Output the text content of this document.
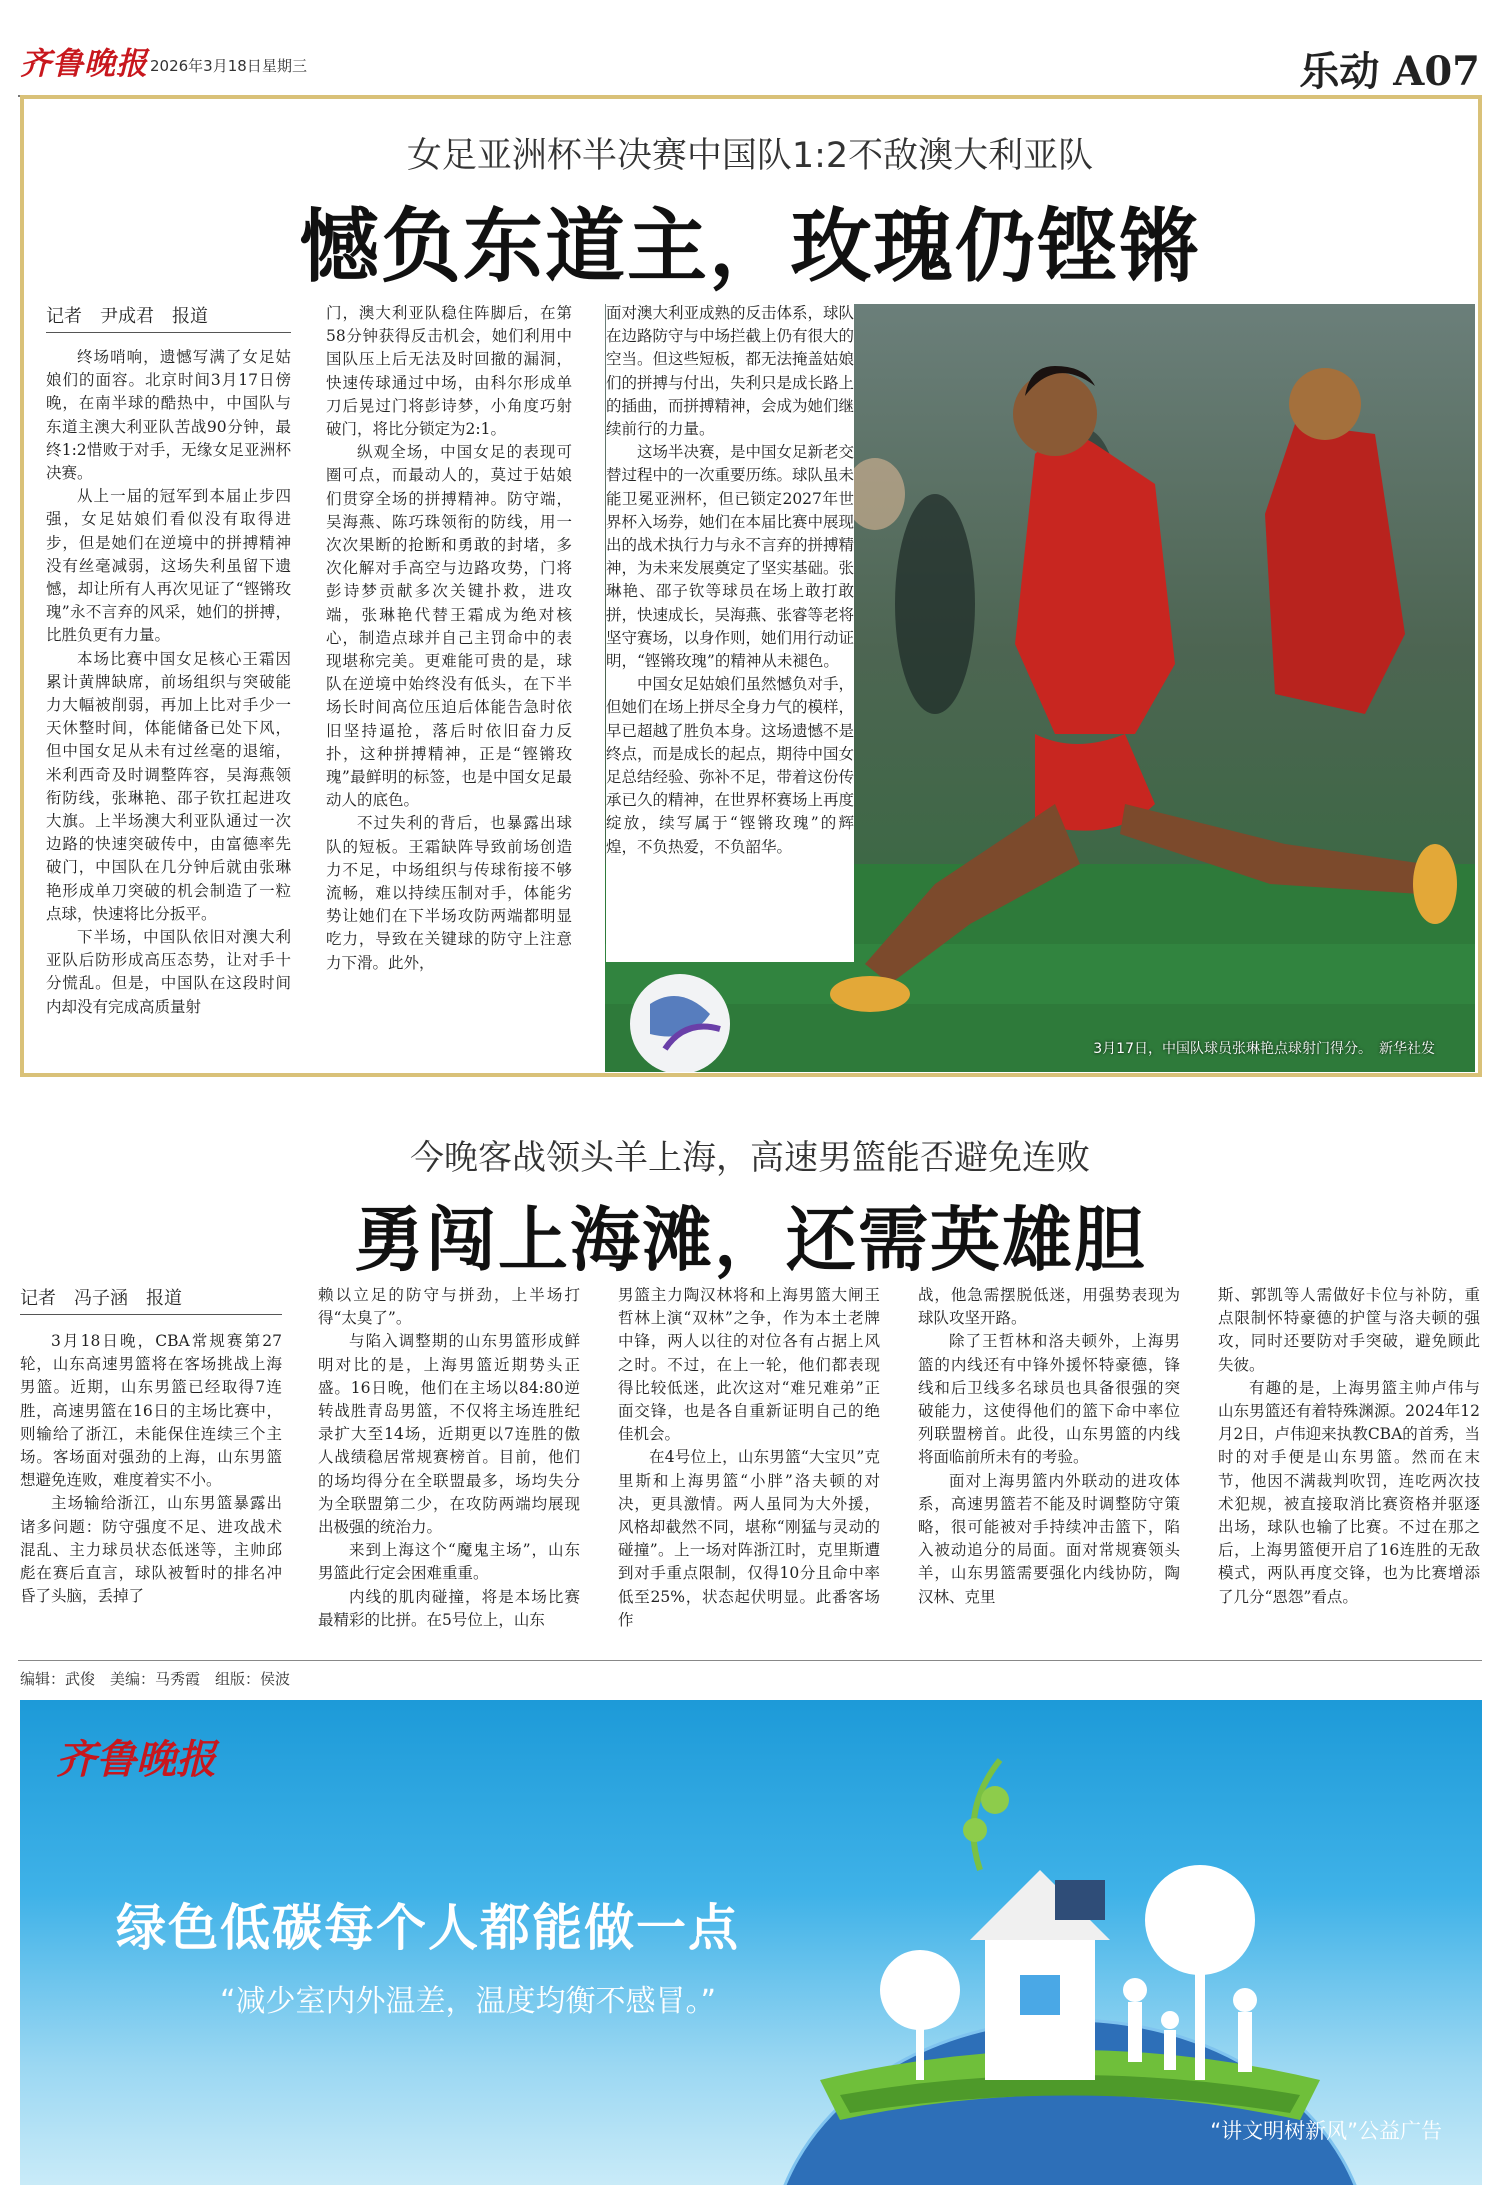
齐鲁晚报 2026年3月18日 星期三	乐动 A07
女足亚洲杯半决赛中国队1:2不敌澳大利亚队
憾负东道主，玫瑰仍铿锵
记者　尹成君　报道

终场哨响，遗憾写满了女足姑娘们的面容。北京时间3月17日傍晚，在南半球的酷热中，中国队与东道主澳大利亚队苦战90分钟，最终1:2惜败于对手，无缘女足亚洲杯决赛。

从上一届的冠军到本届止步四强，女足姑娘们看似没有取得进步，但是她们在逆境中的拼搏精神没有丝毫减弱，这场失利虽留下遗憾，却让所有人再次见证了“铿锵玫瑰”永不言弃的风采，她们的拼搏，比胜负更有力量。

本场比赛中国女足核心王霜因累计黄牌缺席，前场组织与突破能力大幅被削弱，再加上比对手少一天休整时间，体能储备已处下风，但中国女足从未有过丝毫的退缩，米利西奇及时调整阵容，吴海燕领衔防线，张琳艳、邵子钦扛起进攻大旗。上半场澳大利亚队通过一次边路的快速突破传中，由富德率先破门，中国队在几分钟后就由张琳艳形成单刀突破的机会制造了一粒点球，快速将比分扳平。

下半场，中国队依旧对澳大利亚队后防形成高压态势，让对手十分慌乱。但是，中国队在这段时间内却没有完成高质量射

门，澳大利亚队稳住阵脚后，在第58分钟获得反击机会，她们利用中国队压上后无法及时回撤的漏洞，快速传球通过中场，由科尔形成单刀后晃过门将彭诗梦，小角度巧射破门，将比分锁定为2:1。

纵观全场，中国女足的表现可圈可点，而最动人的，莫过于姑娘们贯穿全场的拼搏精神。防守端，吴海燕、陈巧珠领衔的防线，用一次次果断的抢断和勇敢的封堵，多次化解对手高空与边路攻势，门将彭诗梦贡献多次关键扑救，进攻端，张琳艳代替王霜成为绝对核心，制造点球并自己主罚命中的表现堪称完美。更难能可贵的是，球队在逆境中始终没有低头，在下半场长时间高位压迫后体能告急时依旧坚持逼抢，落后时依旧奋力反扑，这种拼搏精神，正是“铿锵玫瑰”最鲜明的标签，也是中国女足最动人的底色。

不过失利的背后，也暴露出球队的短板。王霜缺阵导致前场创造力不足，中场组织与传球衔接不够流畅，难以持续压制对手，体能劣势让她们在下半场攻防两端都明显吃力，导致在关键球的防守上注意力下滑。此外，

面对澳大利亚成熟的反击体系，球队在边路防守与中场拦截上仍有很大的空当。但这些短板，都无法掩盖姑娘们的拼搏与付出，失利只是成长路上的插曲，而拼搏精神，会成为她们继续前行的力量。

这场半决赛，是中国女足新老交替过程中的一次重要历练。球队虽未能卫冕亚洲杯，但已锁定2027年世界杯入场券，她们在本届比赛中展现出的战术执行力与永不言弃的拼搏精神，为未来发展奠定了坚实基础。张琳艳、邵子钦等球员在场上敢打敢拼，快速成长，吴海燕、张睿等老将坚守赛场，以身作则，她们用行动证明，“铿锵玫瑰”的精神从未褪色。

中国女足姑娘们虽然憾负对手，但她们在场上拼尽全身力气的模样，早已超越了胜负本身。这场遗憾不是终点，而是成长的起点，期待中国女足总结经验、弥补不足，带着这份传承已久的精神，在世界杯赛场上再度绽放，续写属于“铿锵玫瑰”的辉煌，不负热爱，不负韶华。

3月17日，中国队球员张琳艳点球射门得分。　新华社发
今晚客战领头羊上海，高速男篮能否避免连败
勇闯上海滩，还需英雄胆
记者　冯子涵　报道

3月18日晚，CBA常规赛第27轮，山东高速男篮将在客场挑战上海男篮。近期，山东男篮已经取得7连胜，高速男篮在16日的主场比赛中，则输给了浙江，未能保住连续三个主场。客场面对强劲的上海，山东男篮想避免连败，难度着实不小。

主场输给浙江，山东男篮暴露出诸多问题：防守强度不足、进攻战术混乱、主力球员状态低迷等，主帅邱彪在赛后直言，球队被暂时的排名冲昏了头脑，丢掉了

赖以立足的防守与拼劲，上半场打得“太臭了”。

与陷入调整期的山东男篮形成鲜明对比的是，上海男篮近期势头正盛。16日晚，他们在主场以84:80逆转战胜青岛男篮，不仅将主场连胜纪录扩大至14场，近期更以7连胜的傲人战绩稳居常规赛榜首。目前，他们的场均得分在全联盟最多，场均失分为全联盟第二少，在攻防两端均展现出极强的统治力。

来到上海这个“魔鬼主场”，山东男篮此行定会困难重重。

内线的肌肉碰撞，将是本场比赛最精彩的比拼。在5号位上，山东

男篮主力陶汉林将和上海男篮大闸王哲林上演“双林”之争，作为本土老牌中锋，两人以往的对位各有占据上风之时。不过，在上一轮，他们都表现得比较低迷，此次这对“难兄难弟”正面交锋，也是各自重新证明自己的绝佳机会。

在4号位上，山东男篮“大宝贝”克里斯和上海男篮“小胖”洛夫顿的对决，更具激情。两人虽同为大外援，风格却截然不同，堪称“刚猛与灵动的碰撞”。上一场对阵浙江时，克里斯遭到对手重点限制，仅得10分且命中率低至25%，状态起伏明显。此番客场作

战，他急需摆脱低迷，用强势表现为球队攻坚开路。

除了王哲林和洛夫顿外，上海男篮的内线还有中锋外援怀特豪德，锋线和后卫线多名球员也具备很强的突破能力，这使得他们的篮下命中率位列联盟榜首。此役，山东男篮的内线将面临前所未有的考验。

面对上海男篮内外联动的进攻体系，高速男篮若不能及时调整防守策略，很可能被对手持续冲击篮下，陷入被动追分的局面。面对常规赛领头羊，山东男篮需要强化内线协防，陶汉林、克里

斯、郭凯等人需做好卡位与补防，重点限制怀特豪德的护筐与洛夫顿的强攻，同时还要防对手突破，避免顾此失彼。

有趣的是，上海男篮主帅卢伟与山东男篮还有着特殊渊源。2024年12月2日，卢伟迎来执教CBA的首秀，当时的对手便是山东男篮。然而在末节，他因不满裁判吹罚，连吃两次技术犯规，被直接取消比赛资格并驱逐出场，球队也输了比赛。不过在那之后，上海男篮便开启了16连胜的无敌模式，两队再度交锋，也为比赛增添了几分“恩怨”看点。

编辑：武俊　美编：马秀霞　组版：侯波
齐鲁晚报
绿色低碳每个人都能做一点
“减少室内外温差，温度均衡不感冒。”
“讲文明树新风”公益广告
